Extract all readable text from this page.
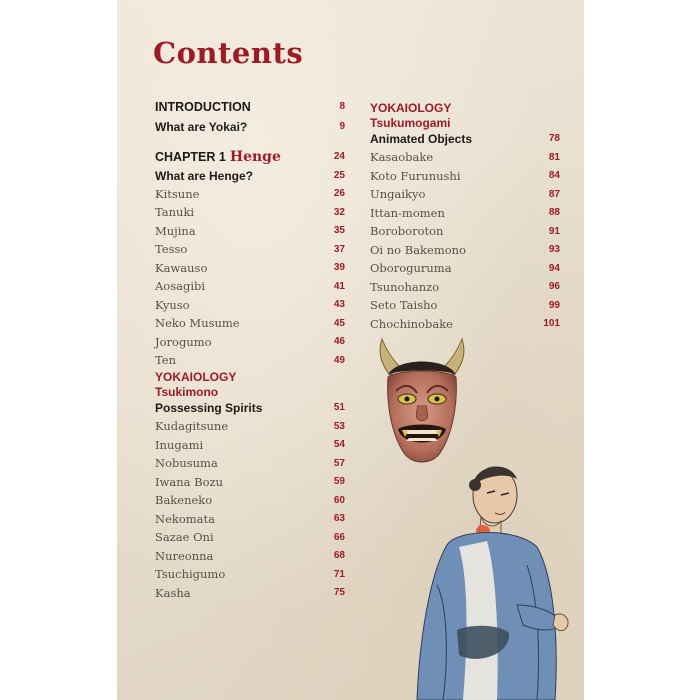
Contents
INTRODUCTION	8
What are Yokai?	9
CHAPTER 1 Henge	24
What are Henge?	25
Kitsune	26
Tanuki	32
Mujina	35
Tesso	37
Kawauso	39
Aosagibi	41
Kyuso	43
Neko Musume	45
Jorogumo	46
Ten	49
YOKAIOLOGY
Tsukimono
Possessing Spirits	51
Kudagitsune	53
Inugami	54
Nobusuma	57
Iwana Bozu	59
Bakeneko	60
Nekomata	63
Sazae Oni	66
Nureonna	68
Tsuchigumo	71
Kasha	75
YOKAIOLOGY
Tsukumogami
Animated Objects	78
Kasaobake	81
Koto Furunushi	84
Ungaikyo	87
Ittan-momen	88
Boroboroton	91
Oi no Bakemono	93
Oboroguruma	94
Tsunohanzo	96
Seto Taisho	99
Chochinobake	101
